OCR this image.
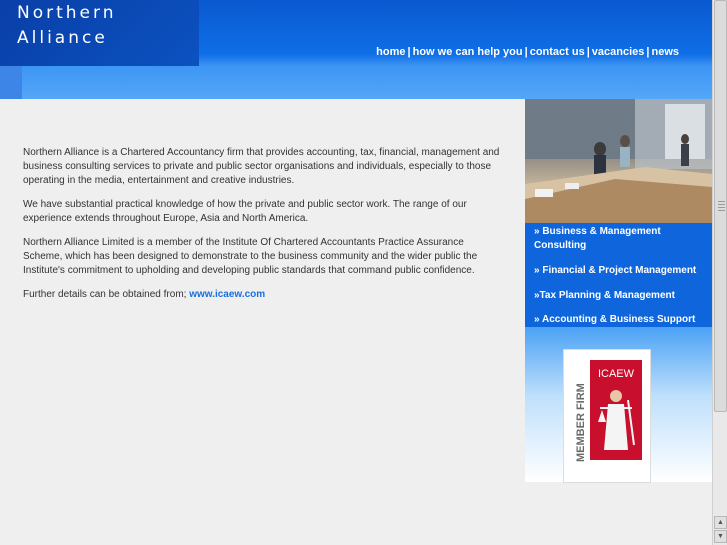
Northern
Alliance
home | how we can help you | contact us | vacancies | news

Northern Alliance is a Chartered Accountancy firm that provides accounting, tax, financial, management and business consulting services to private and public sector organisations and individuals, especially to those operating in the media, entertainment and creative industries.

We have substantial practical knowledge of how the private and public sector work. The range of our experience extends throughout Europe, Asia and North America.

Northern Alliance Limited is a member of the Institute Of Chartered Accountants Practice Assurance Scheme, which has been designed to demonstrate to the business community and the wider public the Institute's commitment to upholding and developing public standards that command public confidence.

Further details can be obtained from; www.icaew.com

» Business & Management Consulting
» Financial & Project Management
»Tax Planning & Management
» Accounting & Business Support
MEMBER FIRM
ICAEW
▲
▼
